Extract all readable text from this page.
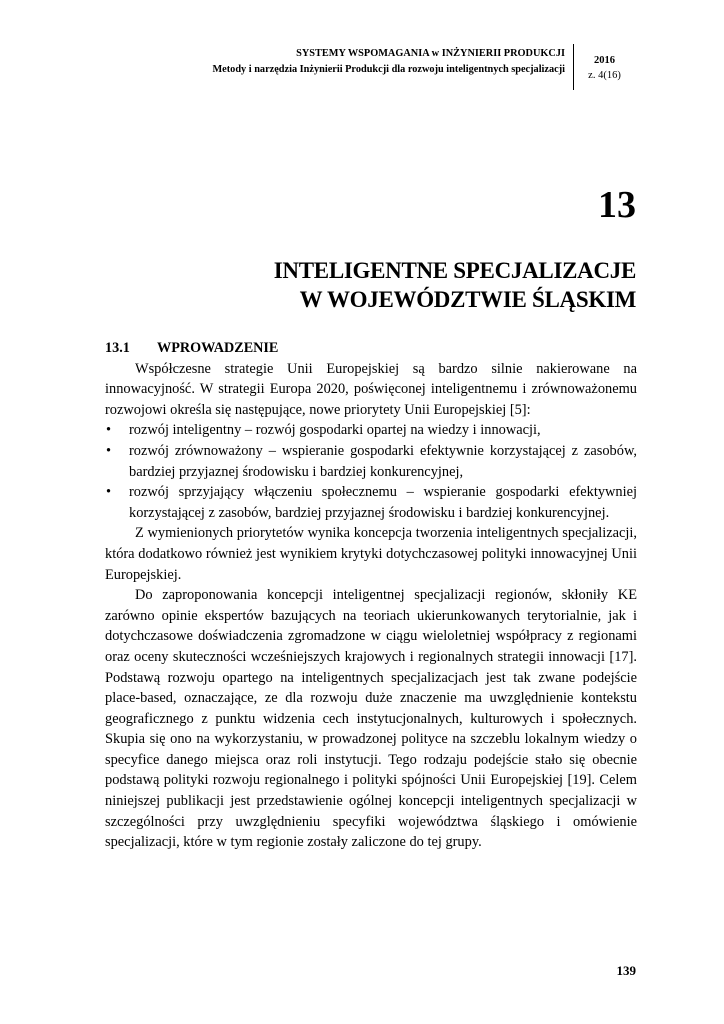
SYSTEMY WSPOMAGANIA w INŻYNIERII PRODUKCJI
Metody i narzędzia Inżynierii Produkcji dla rozwoju inteligentnych specjalizacji
2016
z. 4(16)
13
INTELIGENTNE SPECJALIZACJE
W WOJEWÓDZTWIE ŚLĄSKIM
13.1 WPROWADZENIE

Współczesne strategie Unii Europejskiej są bardzo silnie nakierowane na innowacyjność. W strategii Europa 2020, poświęconej inteligentnemu i zrównoważonemu rozwojowi określa się następujące, nowe priorytety Unii Europejskiej [5]:

• rozwój inteligentny – rozwój gospodarki opartej na wiedzy i innowacji,
• rozwój zrównoważony – wspieranie gospodarki efektywnie korzystającej z zasobów, bardziej przyjaznej środowisku i bardziej konkurencyjnej,
• rozwój sprzyjający włączeniu społecznemu – wspieranie gospodarki efektywniej korzystającej z zasobów, bardziej przyjaznej środowisku i bardziej konkurencyjnej.

Z wymienionych priorytetów wynika koncepcja tworzenia inteligentnych specjalizacji, która dodatkowo również jest wynikiem krytyki dotychczasowej polityki innowacyjnej Unii Europejskiej.

Do zaproponowania koncepcji inteligentnej specjalizacji regionów, skłoniły KE zarówno opinie ekspertów bazujących na teoriach ukierunkowanych terytorialnie, jak i dotychczasowe doświadczenia zgromadzone w ciągu wieloletniej współpracy z regionami oraz oceny skuteczności wcześniejszych krajowych i regionalnych strategii innowacji [17]. Podstawą rozwoju opartego na inteligentnych specjalizacjach jest tak zwane podejście place-based, oznaczające, ze dla rozwoju duże znaczenie ma uwzględnienie kontekstu geograficznego z punktu widzenia cech instytucjonalnych, kulturowych i społecznych. Skupia się ono na wykorzystaniu, w prowadzonej polityce na szczeblu lokalnym wiedzy o specyfice danego miejsca oraz roli instytucji. Tego rodzaju podejście stało się obecnie podstawą polityki rozwoju regionalnego i polityki spójności Unii Europejskiej [19]. Celem niniejszej publikacji jest przedstawienie ogólnej koncepcji inteligentnych specjalizacji w szczególności przy uwzględnieniu specyfiki województwa śląskiego i omówienie specjalizacji, które w tym regionie zostały zaliczone do tej grupy.

139
